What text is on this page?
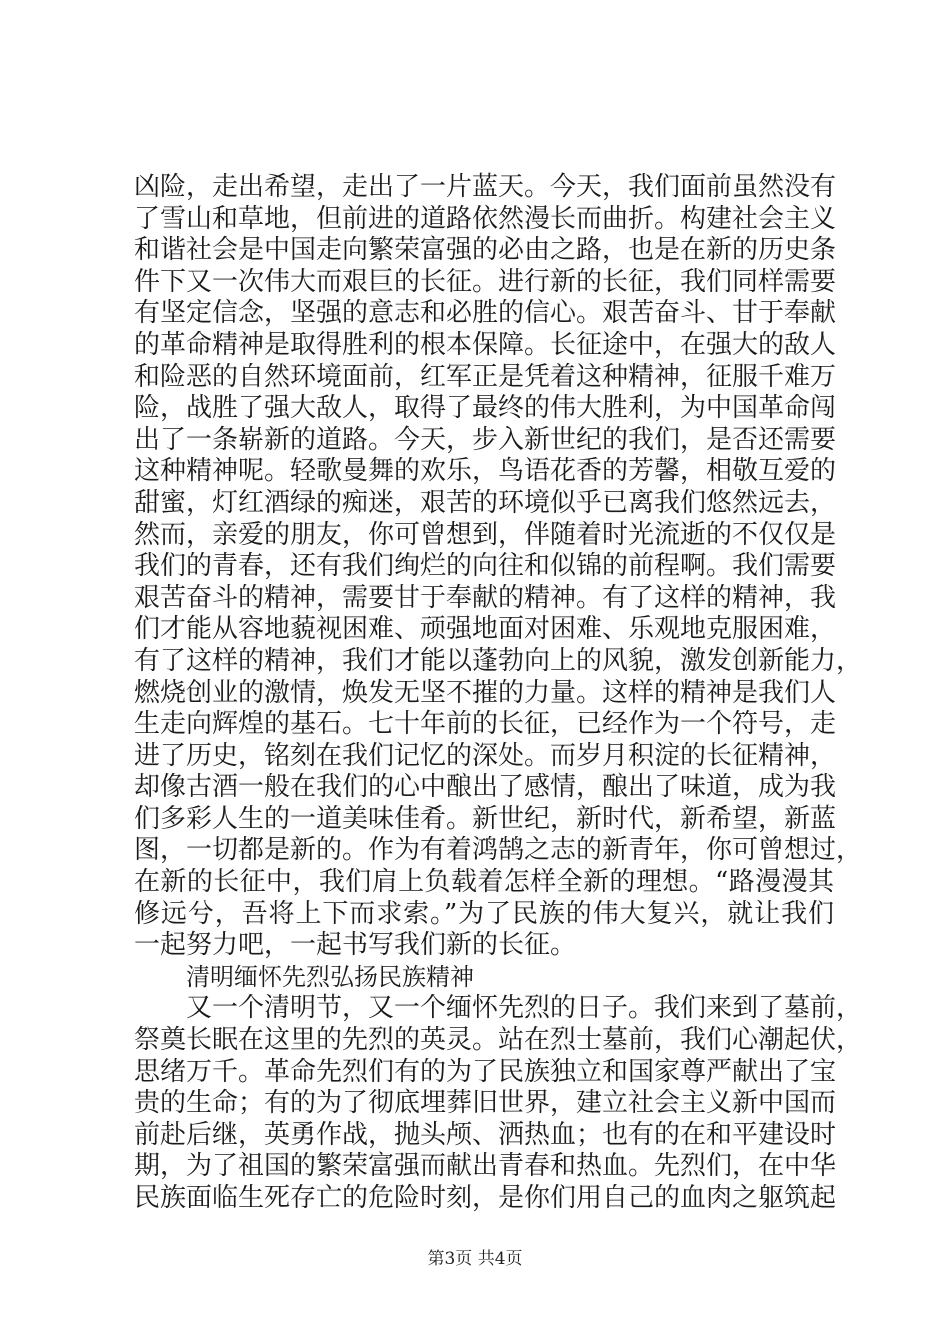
凶险，走出希望，走出了一片蓝天。今天，我们面前虽然没有
了雪山和草地，但前进的道路依然漫长而曲折。构建社会主义
和谐社会是中国走向繁荣富强的必由之路，也是在新的历史条
件下又一次伟大而艰巨的长征。进行新的长征，我们同样需要
有坚定信念，坚强的意志和必胜的信心。艰苦奋斗、甘于奉献
的革命精神是取得胜利的根本保障。长征途中，在强大的敌人
和险恶的自然环境面前，红军正是凭着这种精神，征服千难万
险，战胜了强大敌人，取得了最终的伟大胜利，为中国革命闯
出了一条崭新的道路。今天，步入新世纪的我们，是否还需要
这种精神呢。轻歌曼舞的欢乐，鸟语花香的芳馨，相敬互爱的
甜蜜，灯红酒绿的痴迷，艰苦的环境似乎已离我们悠然远去，
然而，亲爱的朋友，你可曾想到，伴随着时光流逝的不仅仅是
我们的青春，还有我们绚烂的向往和似锦的前程啊。我们需要
艰苦奋斗的精神，需要甘于奉献的精神。有了这样的精神，我
们才能从容地藐视困难、顽强地面对困难、乐观地克服困难，
有了这样的精神，我们才能以蓬勃向上的风貌，激发创新能力，
燃烧创业的激情，焕发无坚不摧的力量。这样的精神是我们人
生走向辉煌的基石。七十年前的长征，已经作为一个符号，走
进了历史，铭刻在我们记忆的深处。而岁月积淀的长征精神，
却像古酒一般在我们的心中酿出了感情，酿出了味道，成为我
们多彩人生的一道美味佳肴。新世纪，新时代，新希望，新蓝
图，一切都是新的。作为有着鸿鹄之志的新青年，你可曾想过，
在新的长征中，我们肩上负载着怎样全新的理想。“路漫漫其
修远兮，吾将上下而求索。”为了民族的伟大复兴，就让我们
一起努力吧，一起书写我们新的长征。
清明缅怀先烈弘扬民族精神
又一个清明节，又一个缅怀先烈的日子。我们来到了墓前，
祭奠长眠在这里的先烈的英灵。站在烈士墓前，我们心潮起伏，
思绪万千。革命先烈们有的为了民族独立和国家尊严献出了宝
贵的生命；有的为了彻底埋葬旧世界，建立社会主义新中国而
前赴后继，英勇作战，抛头颅、洒热血；也有的在和平建设时
期，为了祖国的繁荣富强而献出青春和热血。先烈们，在中华
民族面临生死存亡的危险时刻，是你们用自己的血肉之躯筑起
第3页 共4页
